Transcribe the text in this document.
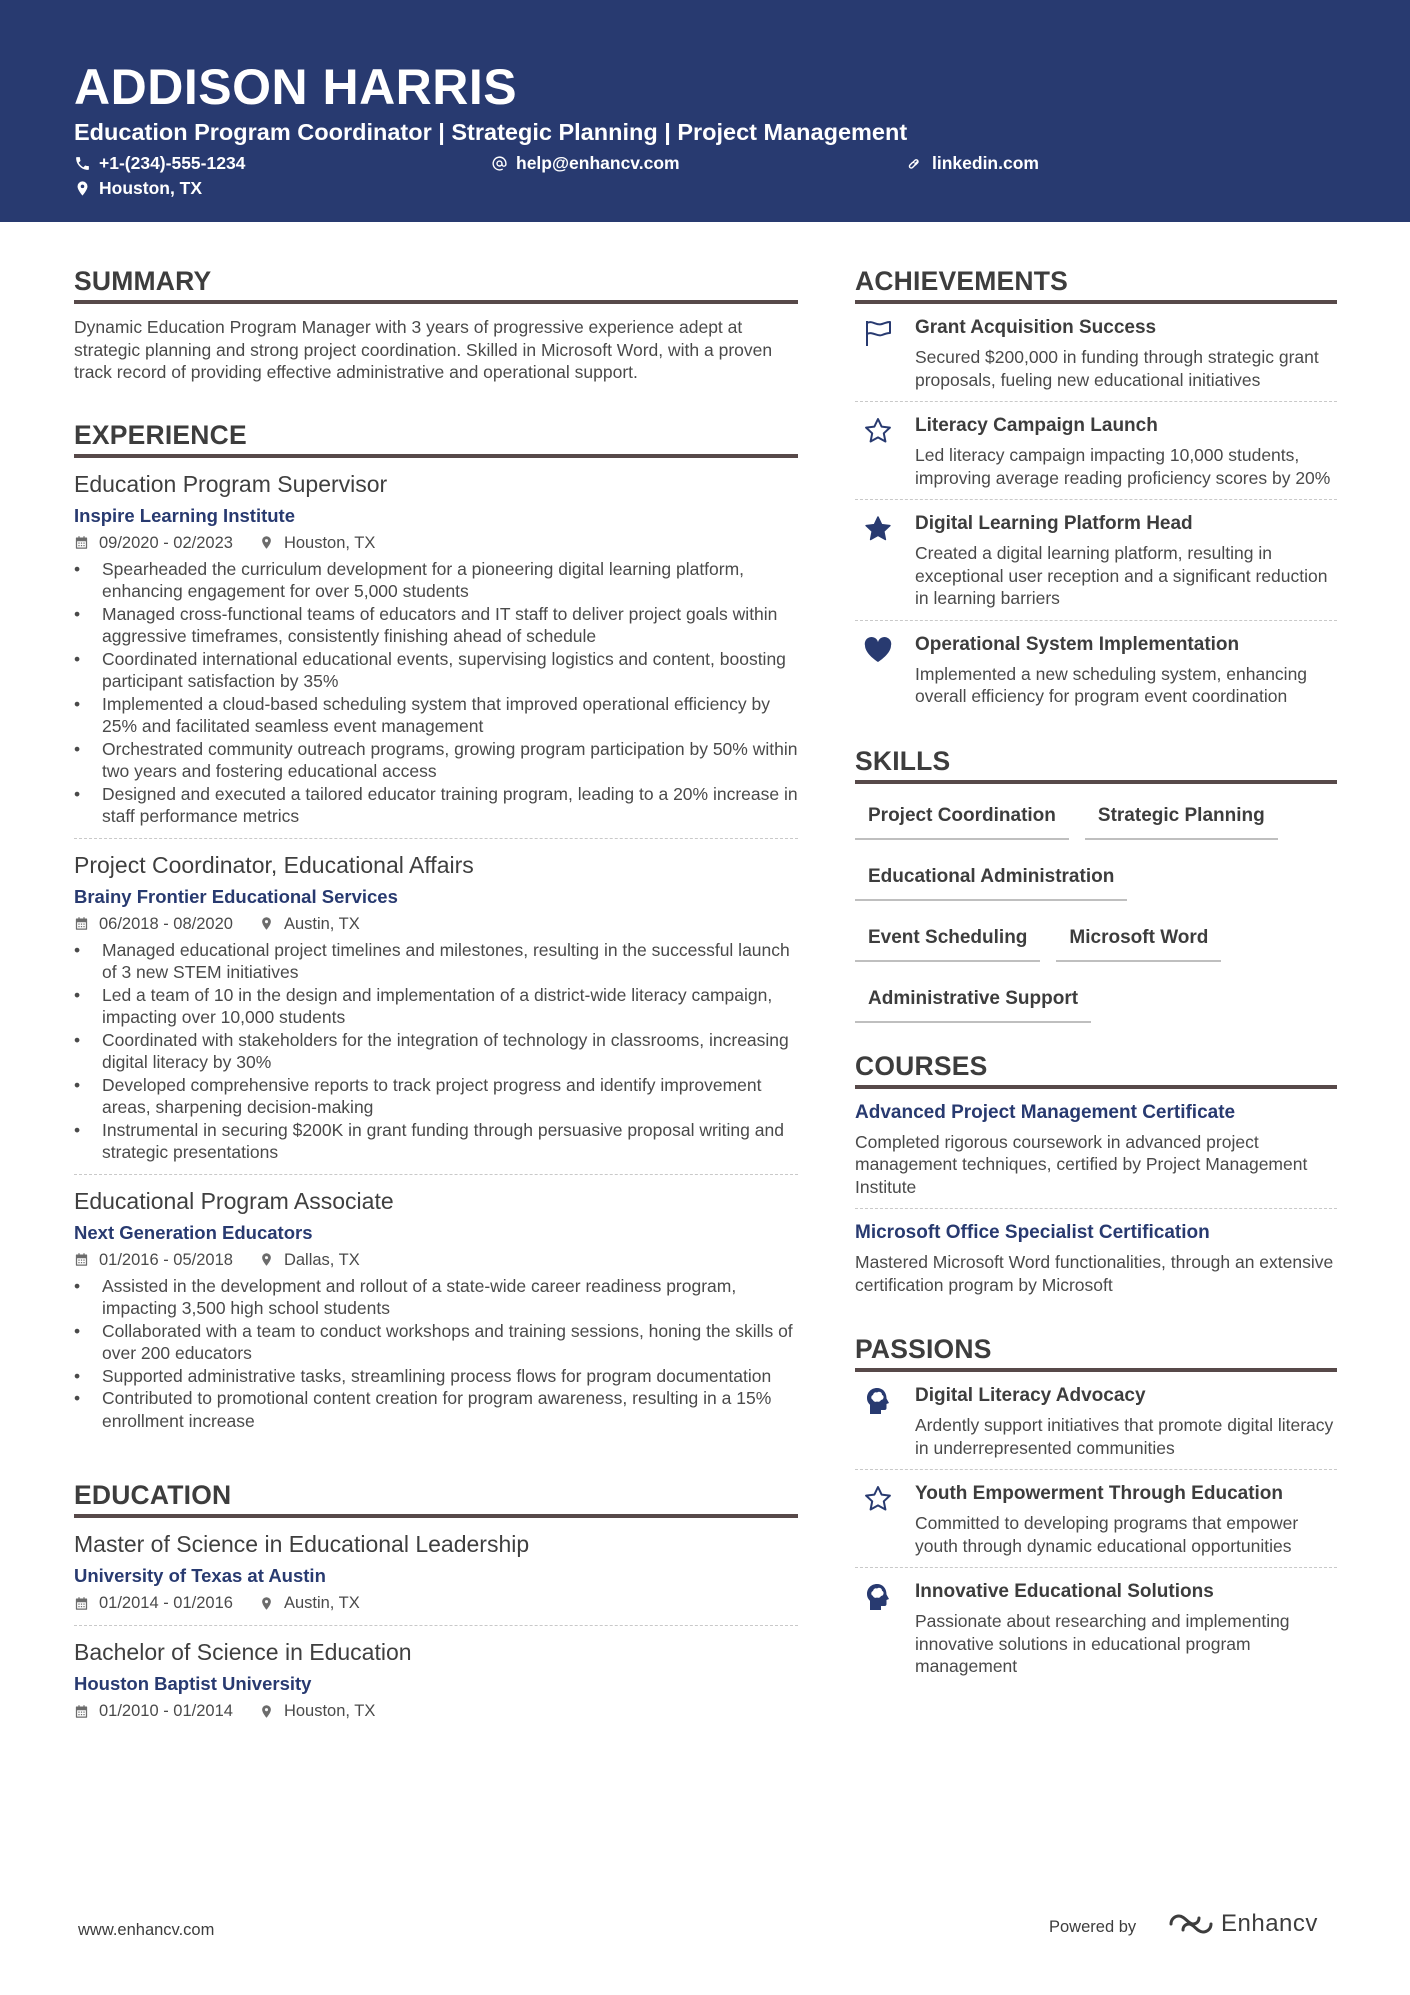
ADDISON HARRIS
Education Program Coordinator | Strategic Planning | Project Management
+1-(234)-555-1234	help@enhancv.com	linkedin.com
Houston, TX
SUMMARY
Dynamic Education Program Manager with 3 years of progressive experience adept at strategic planning and strong project coordination. Skilled in Microsoft Word, with a proven track record of providing effective administrative and operational support.
EXPERIENCE
Education Program Supervisor
Inspire Learning Institute
09/2020 - 02/2023	Houston, TX
• Spearheaded the curriculum development for a pioneering digital learning platform, enhancing engagement for over 5,000 students
• Managed cross-functional teams of educators and IT staff to deliver project goals within aggressive timeframes, consistently finishing ahead of schedule
• Coordinated international educational events, supervising logistics and content, boosting participant satisfaction by 35%
• Implemented a cloud-based scheduling system that improved operational efficiency by 25% and facilitated seamless event management
• Orchestrated community outreach programs, growing program participation by 50% within two years and fostering educational access
• Designed and executed a tailored educator training program, leading to a 20% increase in staff performance metrics
Project Coordinator, Educational Affairs
Brainy Frontier Educational Services
06/2018 - 08/2020	Austin, TX
• Managed educational project timelines and milestones, resulting in the successful launch of 3 new STEM initiatives
• Led a team of 10 in the design and implementation of a district-wide literacy campaign, impacting over 10,000 students
• Coordinated with stakeholders for the integration of technology in classrooms, increasing digital literacy by 30%
• Developed comprehensive reports to track project progress and identify improvement areas, sharpening decision-making
• Instrumental in securing $200K in grant funding through persuasive proposal writing and strategic presentations
Educational Program Associate
Next Generation Educators
01/2016 - 05/2018	Dallas, TX
• Assisted in the development and rollout of a state-wide career readiness program, impacting 3,500 high school students
• Collaborated with a team to conduct workshops and training sessions, honing the skills of over 200 educators
• Supported administrative tasks, streamlining process flows for program documentation
• Contributed to promotional content creation for program awareness, resulting in a 15% enrollment increase
EDUCATION
Master of Science in Educational Leadership
University of Texas at Austin
01/2014 - 01/2016	Austin, TX
Bachelor of Science in Education
Houston Baptist University
01/2010 - 01/2014	Houston, TX
ACHIEVEMENTS
Grant Acquisition Success
Secured $200,000 in funding through strategic grant proposals, fueling new educational initiatives
Literacy Campaign Launch
Led literacy campaign impacting 10,000 students, improving average reading proficiency scores by 20%
Digital Learning Platform Head
Created a digital learning platform, resulting in exceptional user reception and a significant reduction in learning barriers
Operational System Implementation
Implemented a new scheduling system, enhancing overall efficiency for program event coordination
SKILLS
Project Coordination	Strategic Planning
Educational Administration
Event Scheduling	Microsoft Word
Administrative Support
COURSES
Advanced Project Management Certificate
Completed rigorous coursework in advanced project management techniques, certified by Project Management Institute
Microsoft Office Specialist Certification
Mastered Microsoft Word functionalities, through an extensive certification program by Microsoft
PASSIONS
Digital Literacy Advocacy
Ardently support initiatives that promote digital literacy in underrepresented communities
Youth Empowerment Through Education
Committed to developing programs that empower youth through dynamic educational opportunities
Innovative Educational Solutions
Passionate about researching and implementing innovative solutions in educational program management
www.enhancv.com	Powered by	Enhancv
